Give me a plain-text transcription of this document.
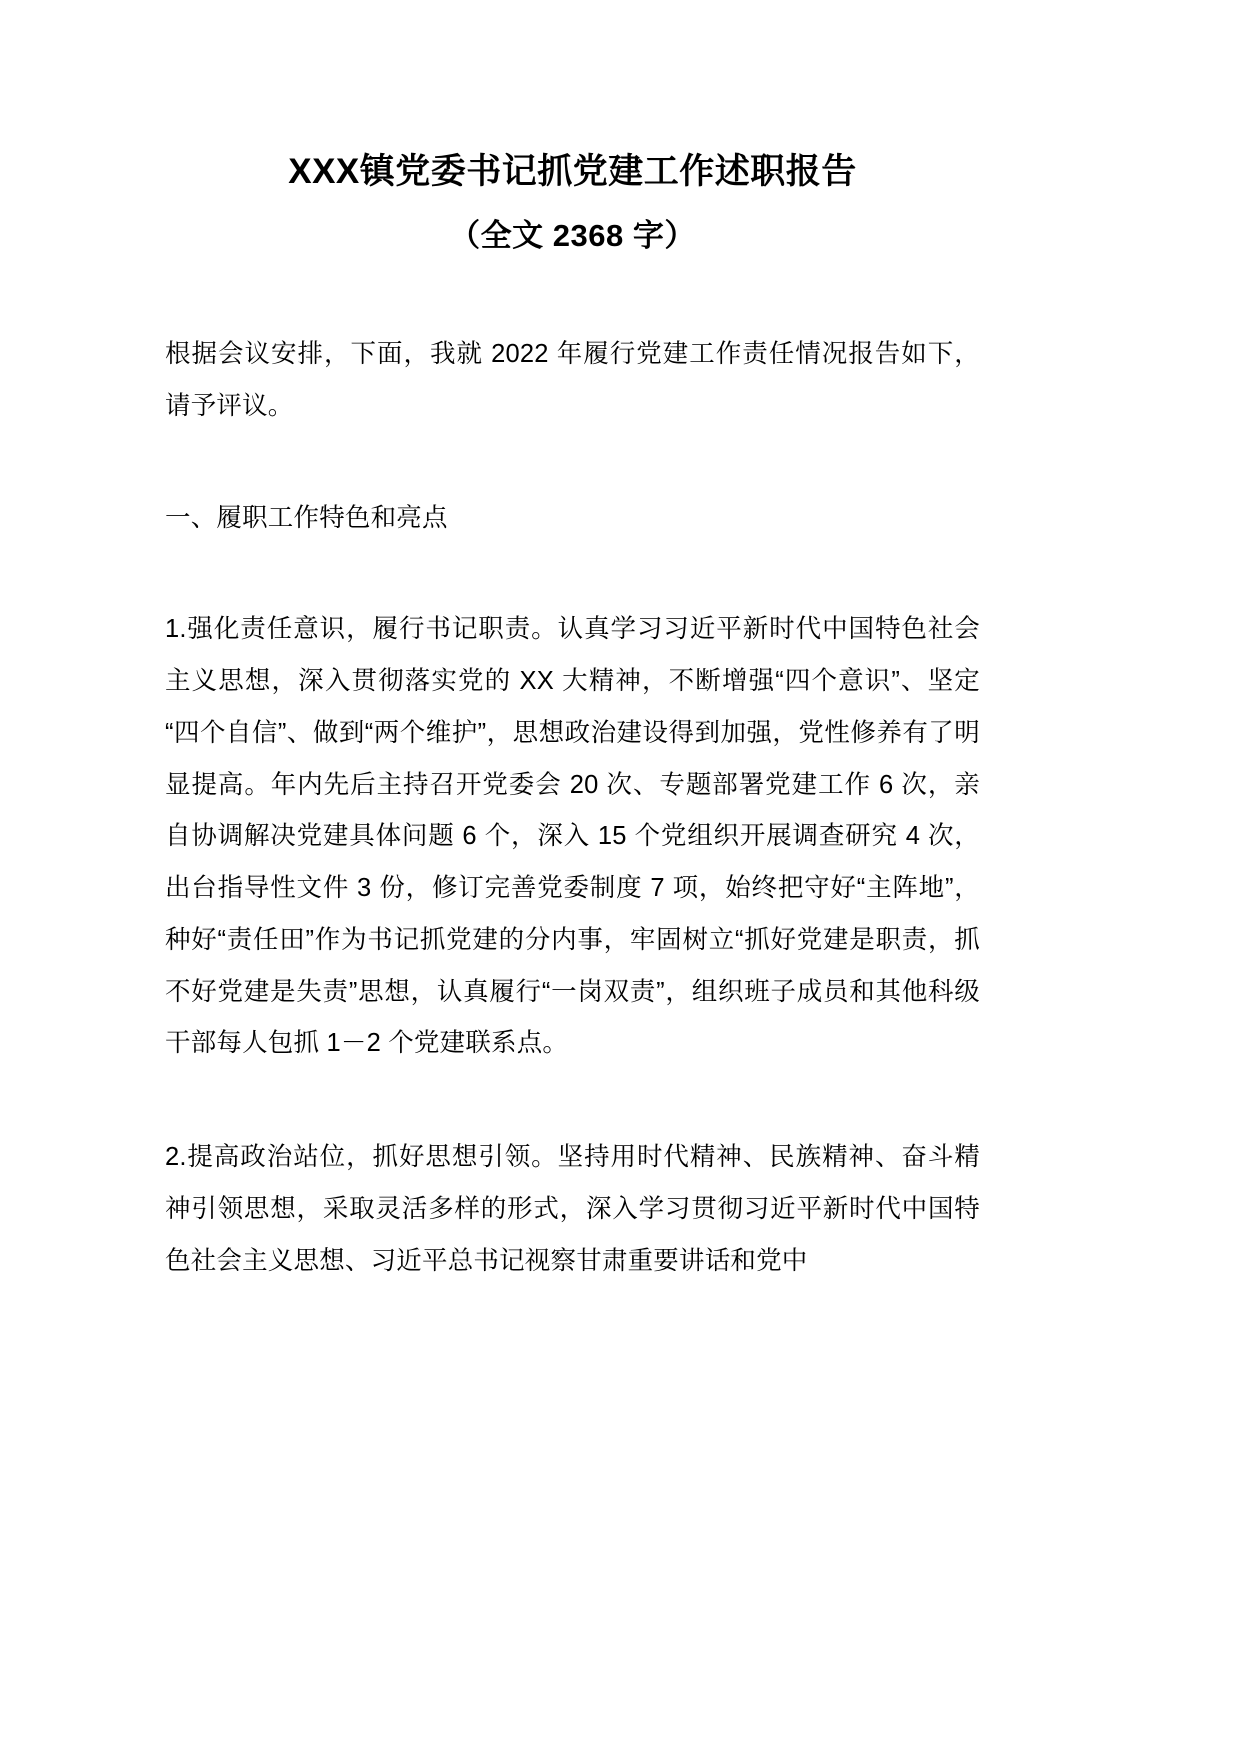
XXX镇党委书记抓党建工作述职报告
（全文 2368 字）

根据会议安排，下面，我就 2022 年履行党建工作责任情况报告如下，请予评议。

一、履职工作特色和亮点

1.强化责任意识，履行书记职责。认真学习习近平新时代中国特色社会主义思想，深入贯彻落实党的 XX 大精神，不断增强“四个意识”、坚定“四个自信”、做到“两个维护”，思想政治建设得到加强，党性修养有了明显提高。年内先后主持召开党委会 20 次、专题部署党建工作 6 次，亲自协调解决党建具体问题 6 个，深入 15 个党组织开展调查研究 4 次，出台指导性文件 3 份，修订完善党委制度 7 项，始终把守好“主阵地”，种好“责任田”作为书记抓党建的分内事，牢固树立“抓好党建是职责，抓不好党建是失责”思想，认真履行“一岗双责”，组织班子成员和其他科级干部每人包抓 1－2 个党建联系点。

2.提高政治站位，抓好思想引领。坚持用时代精神、民族精神、奋斗精神引领思想，采取灵活多样的形式，深入学习贯彻习近平新时代中国特色社会主义思想、习近平总书记视察甘肃重要讲话和党中
